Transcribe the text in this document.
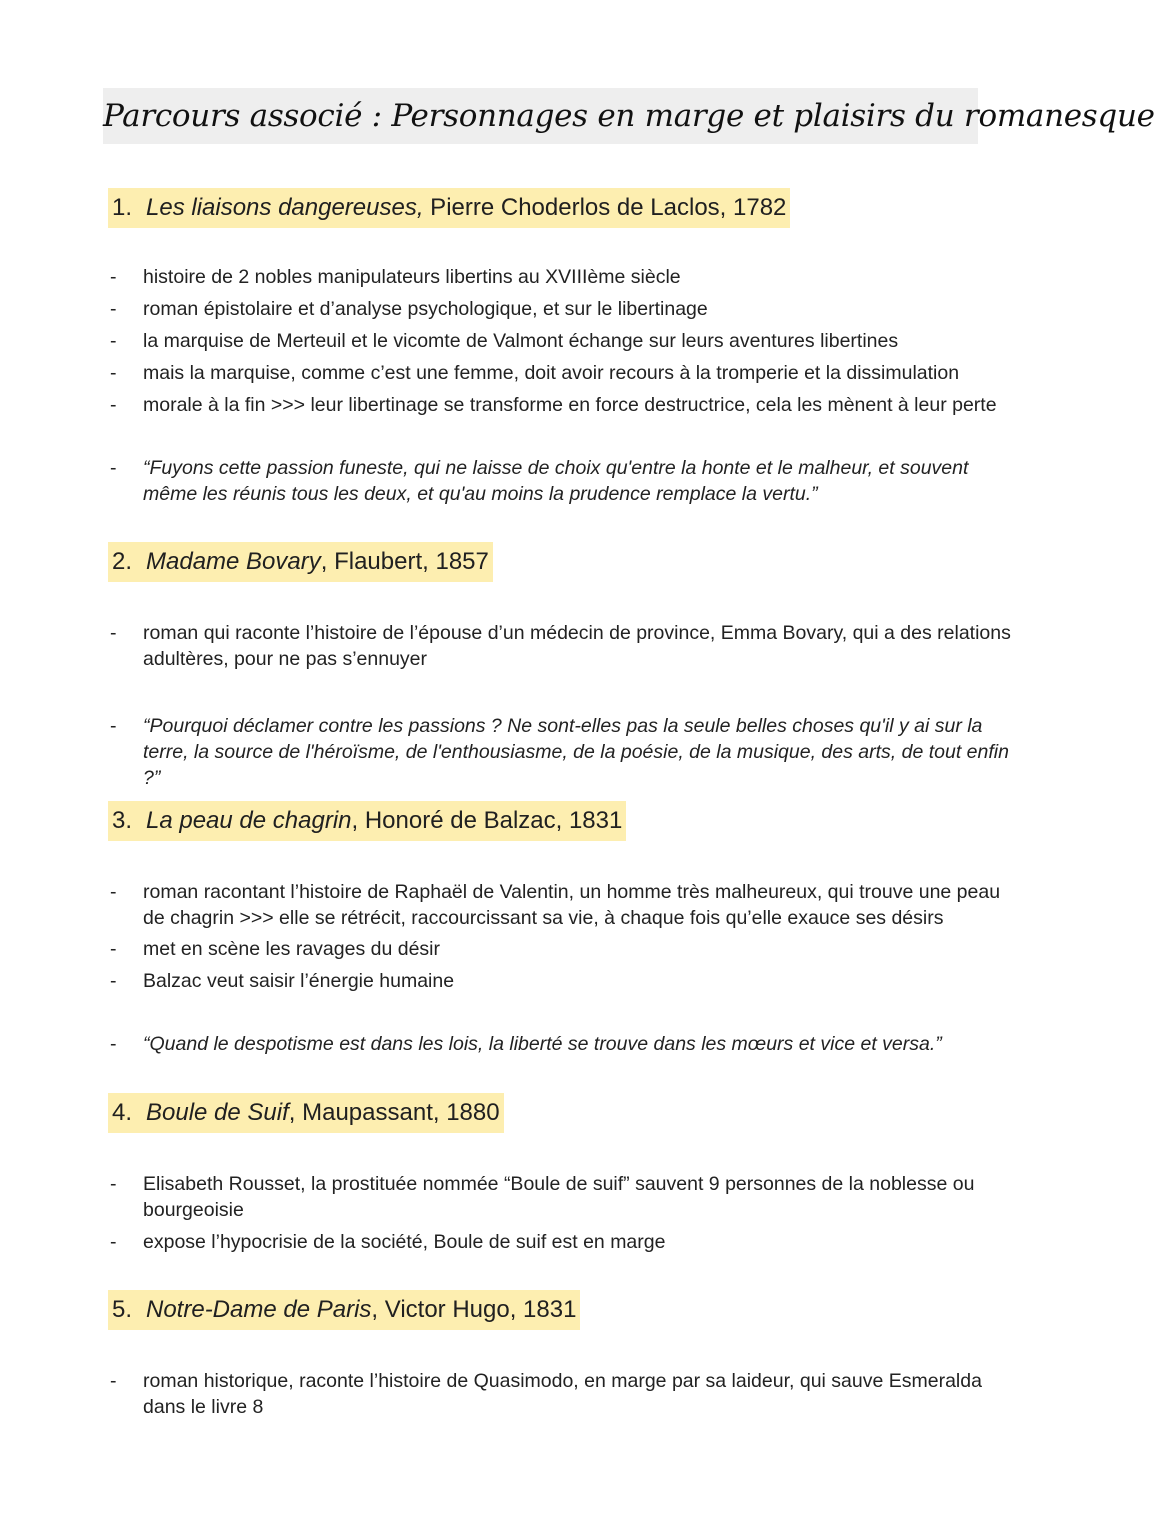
Parcours associé : Personnages en marge et plaisirs du romanesque
1. Les liaisons dangereuses, Pierre Choderlos de Laclos, 1782
-	histoire de 2 nobles manipulateurs libertins au XVIIIème siècle
-	roman épistolaire et d’analyse psychologique, et sur le libertinage
-	la marquise de Merteuil et le vicomte de Valmont échange sur leurs aventures libertines
-	mais la marquise, comme c’est une femme, doit avoir recours à la tromperie et la dissimulation
-	morale à la fin >>> leur libertinage se transforme en force destructrice, cela les mènent à leur perte
-	“Fuyons cette passion funeste, qui ne laisse de choix qu'entre la honte et le malheur, et souvent même les réunis tous les deux, et qu'au moins la prudence remplace la vertu.”
2. Madame Bovary, Flaubert, 1857
-	roman qui raconte l’histoire de l’épouse d’un médecin de province, Emma Bovary, qui a des relations adultères, pour ne pas s’ennuyer
-	“Pourquoi déclamer contre les passions ? Ne sont-elles pas la seule belles choses qu'il y ai sur la terre, la source de l'héroïsme, de l'enthousiasme, de la poésie, de la musique, des arts, de tout enfin ?”
3. La peau de chagrin, Honoré de Balzac, 1831
-	roman racontant l’histoire de Raphaël de Valentin, un homme très malheureux, qui trouve une peau de chagrin >>> elle se rétrécit, raccourcissant sa vie, à chaque fois qu’elle exauce ses désirs
-	met en scène les ravages du désir
-	Balzac veut saisir l’énergie humaine
-	“Quand le despotisme est dans les lois, la liberté se trouve dans les mœurs et vice et versa.”
4. Boule de Suif, Maupassant, 1880
-	Elisabeth Rousset, la prostituée nommée “Boule de suif” sauvent 9 personnes de la noblesse ou bourgeoisie
-	expose l’hypocrisie de la société, Boule de suif est en marge
5. Notre-Dame de Paris, Victor Hugo, 1831
-	roman historique, raconte l’histoire de Quasimodo, en marge par sa laideur, qui sauve Esmeralda dans le livre 8
